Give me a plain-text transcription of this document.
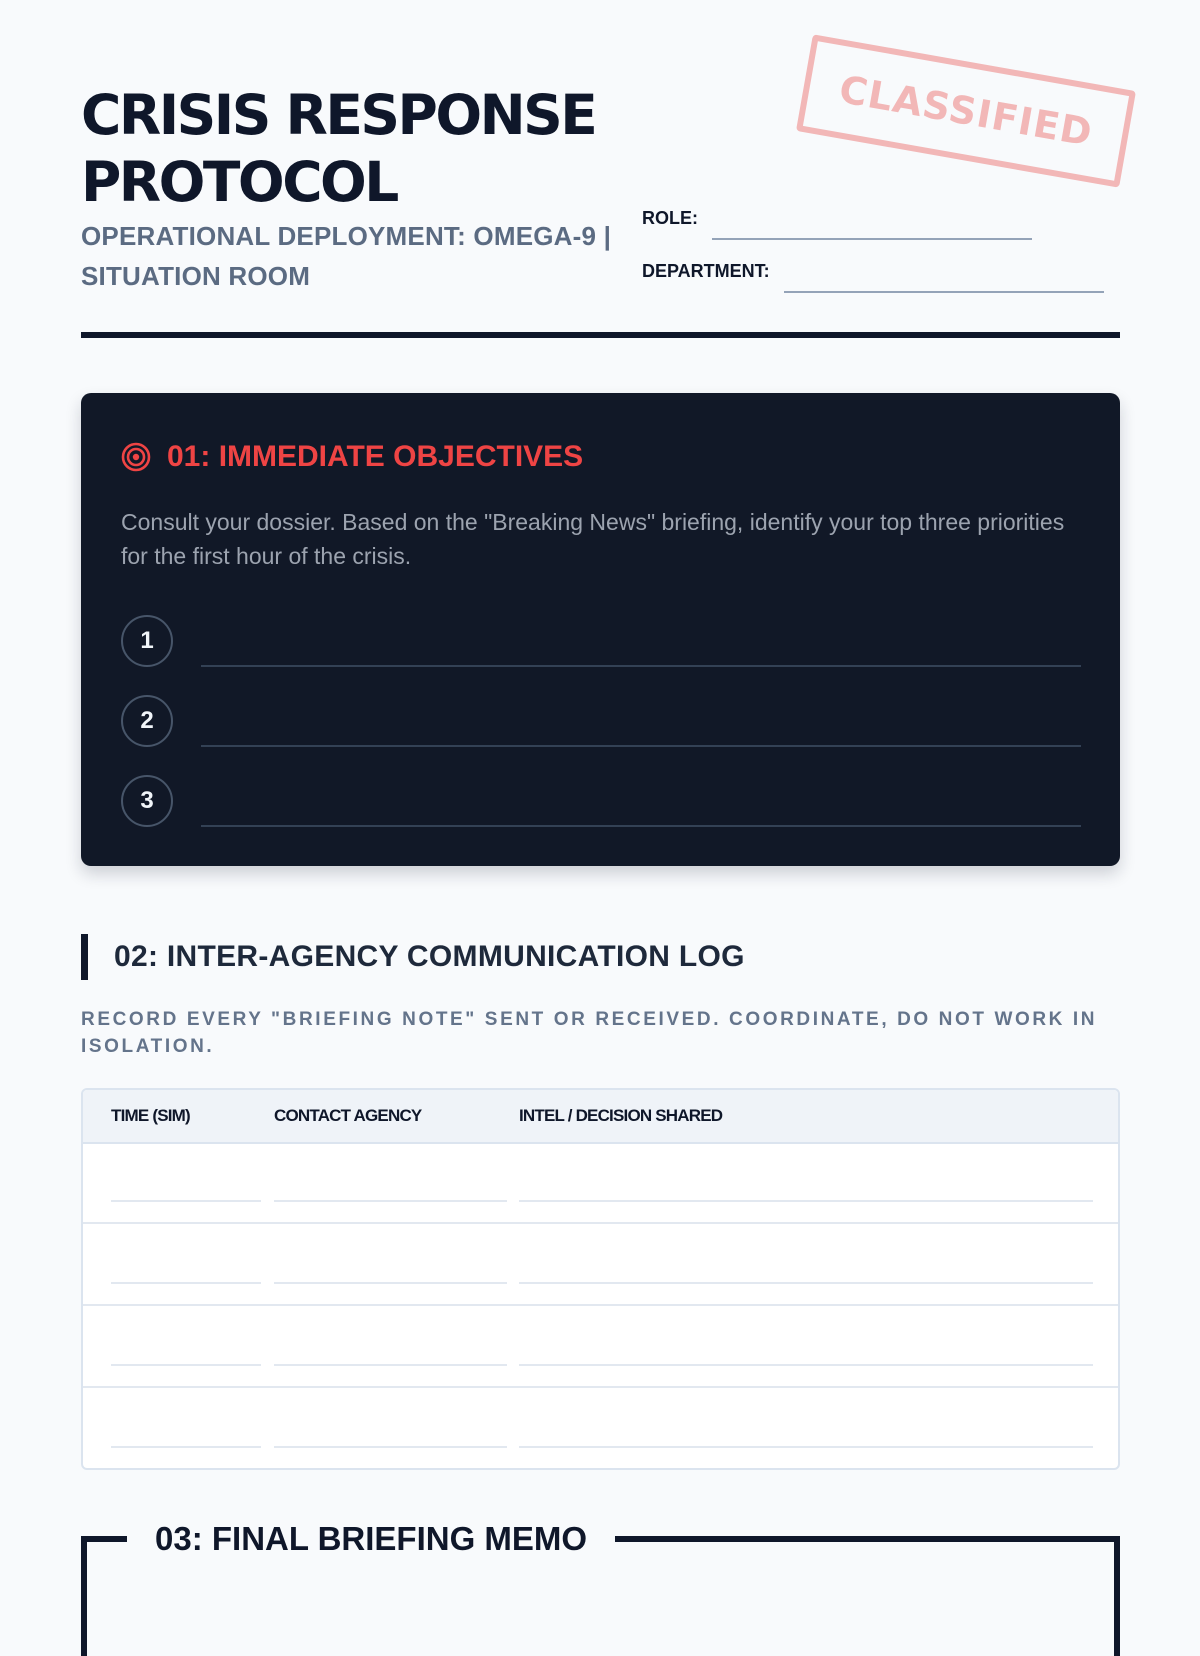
CRISIS RESPONSE PROTOCOL
OPERATIONAL DEPLOYMENT: OMEGA-9 | SITUATION ROOM
CLASSIFIED
ROLE:
DEPARTMENT:
01: IMMEDIATE OBJECTIVES

Consult your dossier. Based on the "Breaking News" briefing, identify your top three priorities for the first hour of the crisis.

1
2
3
02: INTER-AGENCY COMMUNICATION LOG
RECORD EVERY "BRIEFING NOTE" SENT OR RECEIVED. COORDINATE, DO NOT WORK IN ISOLATION.
TIME (SIM)	CONTACT AGENCY	INTEL / DECISION SHARED
03: FINAL BRIEFING MEMO
